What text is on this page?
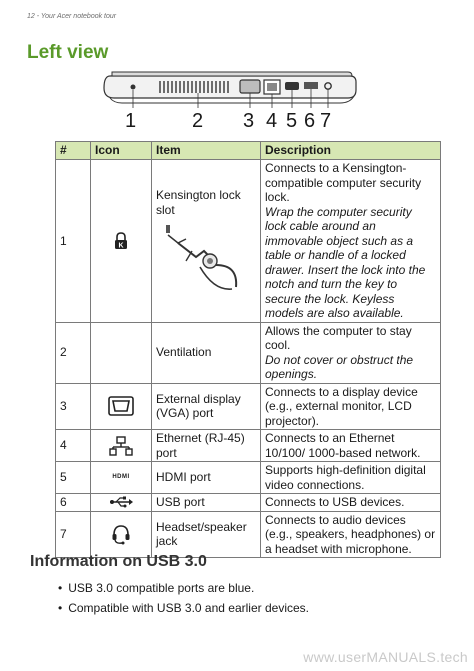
12 - Your Acer notebook tour
Left view
1	2 3 4 5 6 7
#	Icon	Item	Description
1	K	Kensington lock slot	Connects to a Kensington-compatible computer security lock.
Wrap the computer security lock cable around an immovable object such as a table or handle of a locked drawer. Insert the lock into the notch and turn the key to secure the lock. Keyless models are also available.
2		Ventilation	Allows the computer to stay cool.
Do not cover or obstruct the openings.
3		External display (VGA) port	Connects to a display device (e.g., external monitor, LCD projector).
4		Ethernet (RJ-45) port	Connects to an Ethernet 10/100/ 1000-based network.
5	HDMI	HDMI port	Supports high-definition digital video connections.
6		USB port	Connects to USB devices.
7		Headset/speaker jack	Connects to audio devices (e.g., speakers, headphones) or a headset with microphone.
Information on USB 3.0
• USB 3.0 compatible ports are blue.
• Compatible with USB 3.0 and earlier devices.
www.userMANUALS.tech
